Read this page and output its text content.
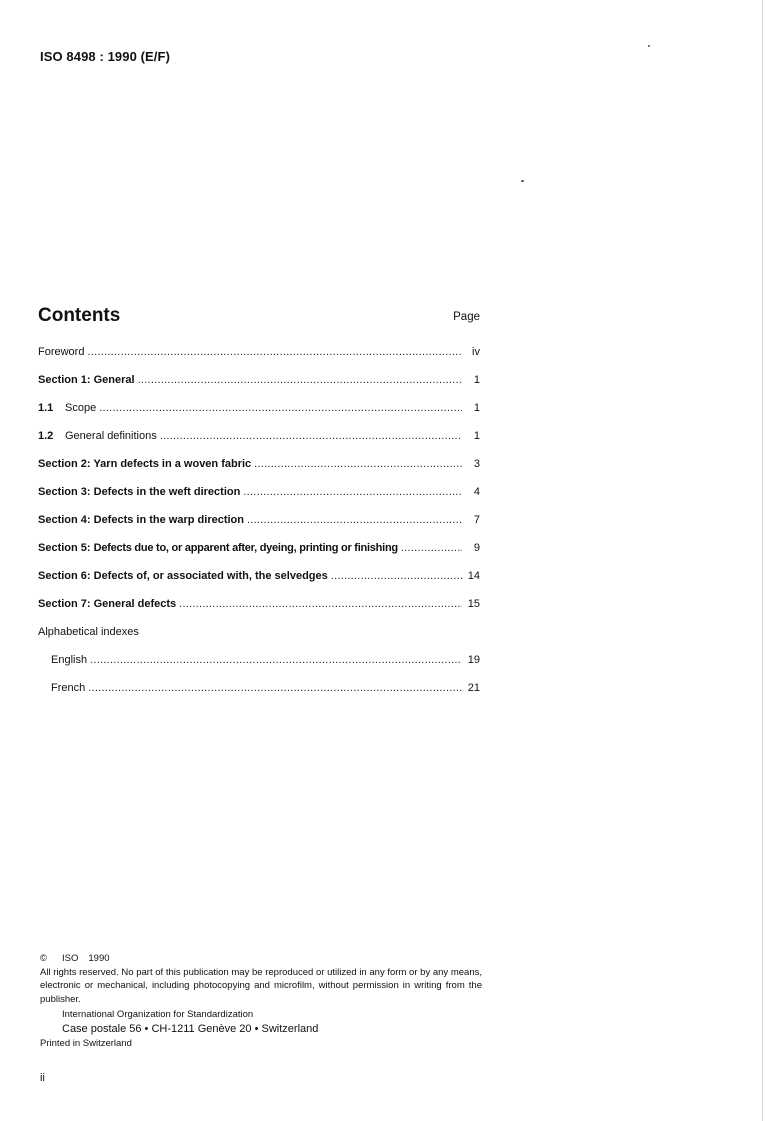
ISO 8498 : 1990 (E/F)
Contents	Page
Foreword . . .	iv
Section 1: General . . .	1
1.1 Scope . . .	1
1.2 General definitions . . .	1
Section 2: Yarn defects in a woven fabric . . .	3
Section 3: Defects in the weft direction . . .	4
Section 4: Defects in the warp direction . . .	7
Section 5: Defects due to, or apparent after, dyeing, printing or finishing . . .	9
Section 6: Defects of, or associated with, the selvedges . . .	14
Section 7: General defects . . .	15
Alphabetical indexes
English . . .	19
French . . .	21
©	ISO 1990
All rights reserved. No part of this publication may be reproduced or utilized in any form or by any means, electronic or mechanical, including photocopying and microfilm, without permission in writing from the publisher.
International Organization for Standardization
Case postale 56 • CH-1211 Genève 20 • Switzerland
Printed in Switzerland
ii
